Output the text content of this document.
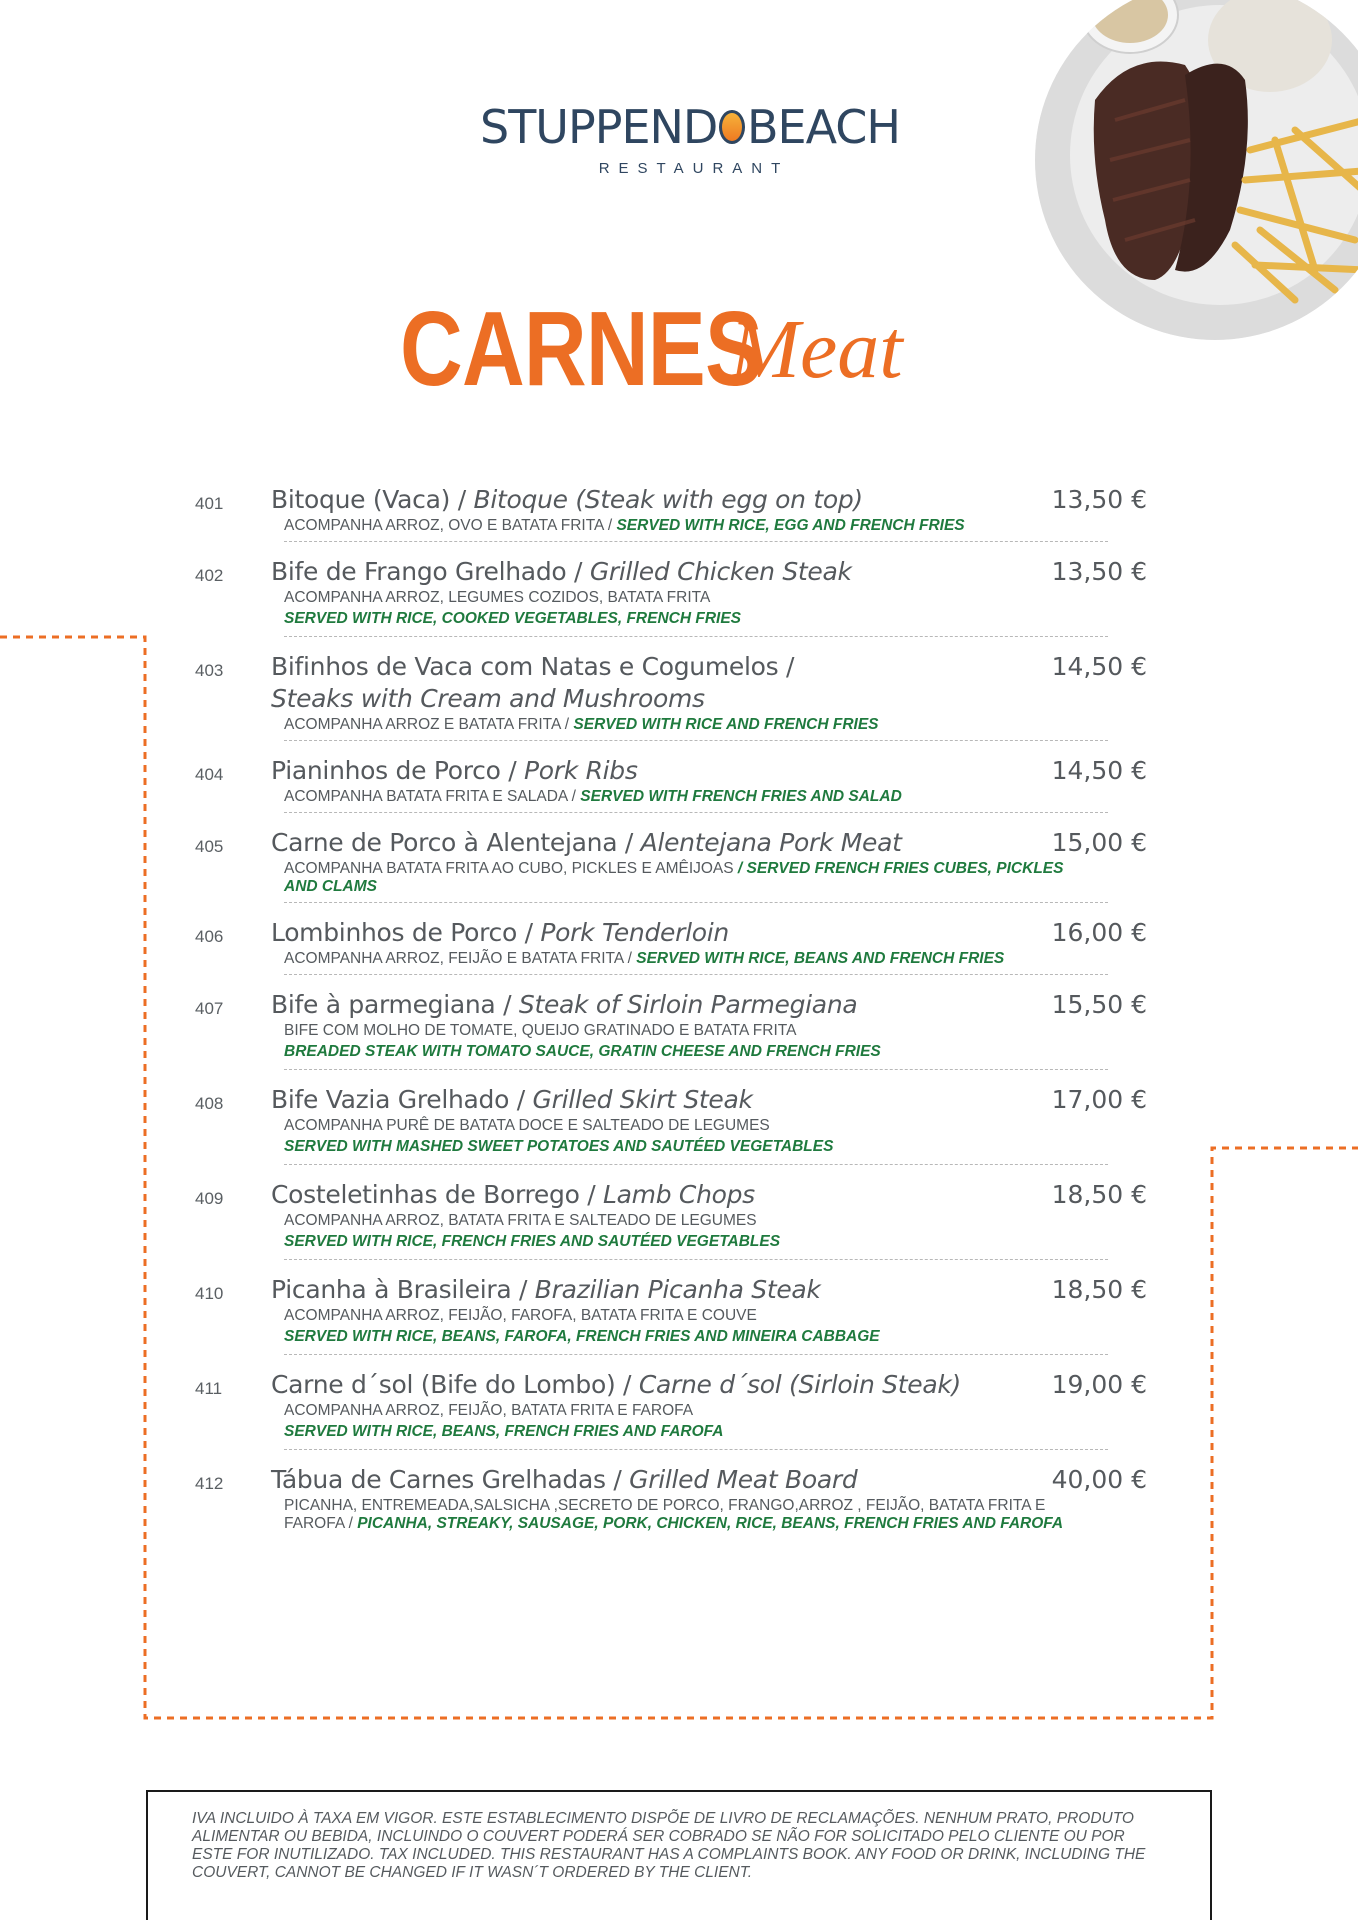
STUPPEND BEACH
RESTAURANT
CARNES
Meat
401	13,50 €
Bitoque (Vaca) / Bitoque (Steak with egg on top)
ACOMPANHA ARROZ, OVO E BATATA FRITA / SERVED WITH RICE, EGG AND FRENCH FRIES
402	13,50 €
Bife de Frango Grelhado / Grilled Chicken Steak
ACOMPANHA ARROZ, LEGUMES COZIDOS, BATATA FRITA
SERVED WITH RICE, COOKED VEGETABLES, FRENCH FRIES
403	14,50 €
Bifinhos de Vaca com Natas e Cogumelos /
Steaks with Cream and Mushrooms
ACOMPANHA ARROZ E BATATA FRITA / SERVED WITH RICE AND FRENCH FRIES
404	14,50 €
Pianinhos de Porco / Pork Ribs
ACOMPANHA BATATA FRITA E SALADA / SERVED WITH FRENCH FRIES AND SALAD
405	15,00 €
Carne de Porco à Alentejana / Alentejana Pork Meat
ACOMPANHA BATATA FRITA AO CUBO, PICKLES E AMÊIJOAS / SERVED FRENCH FRIES CUBES, PICKLES AND CLAMS
406	16,00 €
Lombinhos de Porco / Pork Tenderloin
ACOMPANHA ARROZ, FEIJÃO E BATATA FRITA / SERVED WITH RICE, BEANS AND FRENCH FRIES
407	15,50 €
Bife à parmegiana / Steak of Sirloin Parmegiana
BIFE COM MOLHO DE TOMATE, QUEIJO GRATINADO E BATATA FRITA
BREADED STEAK WITH TOMATO SAUCE, GRATIN CHEESE AND FRENCH FRIES
408	17,00 €
Bife Vazia Grelhado / Grilled Skirt Steak
ACOMPANHA PURÊ DE BATATA DOCE E SALTEADO DE LEGUMES
SERVED WITH MASHED SWEET POTATOES AND SAUTÉED VEGETABLES
409	18,50 €
Costeletinhas de Borrego / Lamb Chops
ACOMPANHA ARROZ, BATATA FRITA E SALTEADO DE LEGUMES
SERVED WITH RICE, FRENCH FRIES AND SAUTÉED VEGETABLES
410	18,50 €
Picanha à Brasileira / Brazilian Picanha Steak
ACOMPANHA ARROZ, FEIJÃO, FAROFA, BATATA FRITA E COUVE
SERVED WITH RICE, BEANS, FAROFA, FRENCH FRIES AND MINEIRA CABBAGE
411	19,00 €
Carne d´sol (Bife do Lombo) / Carne d´sol (Sirloin Steak)
ACOMPANHA ARROZ, FEIJÃO, BATATA FRITA E FAROFA
SERVED WITH RICE, BEANS, FRENCH FRIES AND FAROFA
412	40,00 €
Tábua de Carnes Grelhadas / Grilled Meat Board
PICANHA, ENTREMEADA,SALSICHA ,SECRETO DE PORCO, FRANGO,ARROZ , FEIJÃO, BATATA FRITA E FAROFA / PICANHA, STREAKY, SAUSAGE, PORK, CHICKEN, RICE, BEANS, FRENCH FRIES AND FAROFA

IVA INCLUIDO À TAXA EM VIGOR. ESTE ESTABLECIMENTO DISPÕE DE LIVRO DE RECLAMAÇÕES. NENHUM PRATO, PRODUTO ALIMENTAR OU BEBIDA, INCLUINDO O COUVERT PODERÁ SER COBRADO SE NÃO FOR SOLICITADO PELO CLIENTE OU POR ESTE FOR INUTILIZADO. TAX INCLUDED. THIS RESTAURANT HAS A COMPLAINTS BOOK. ANY FOOD OR DRINK, INCLUDING THE COUVERT, CANNOT BE CHANGED IF IT WASN´T ORDERED BY THE CLIENT.
